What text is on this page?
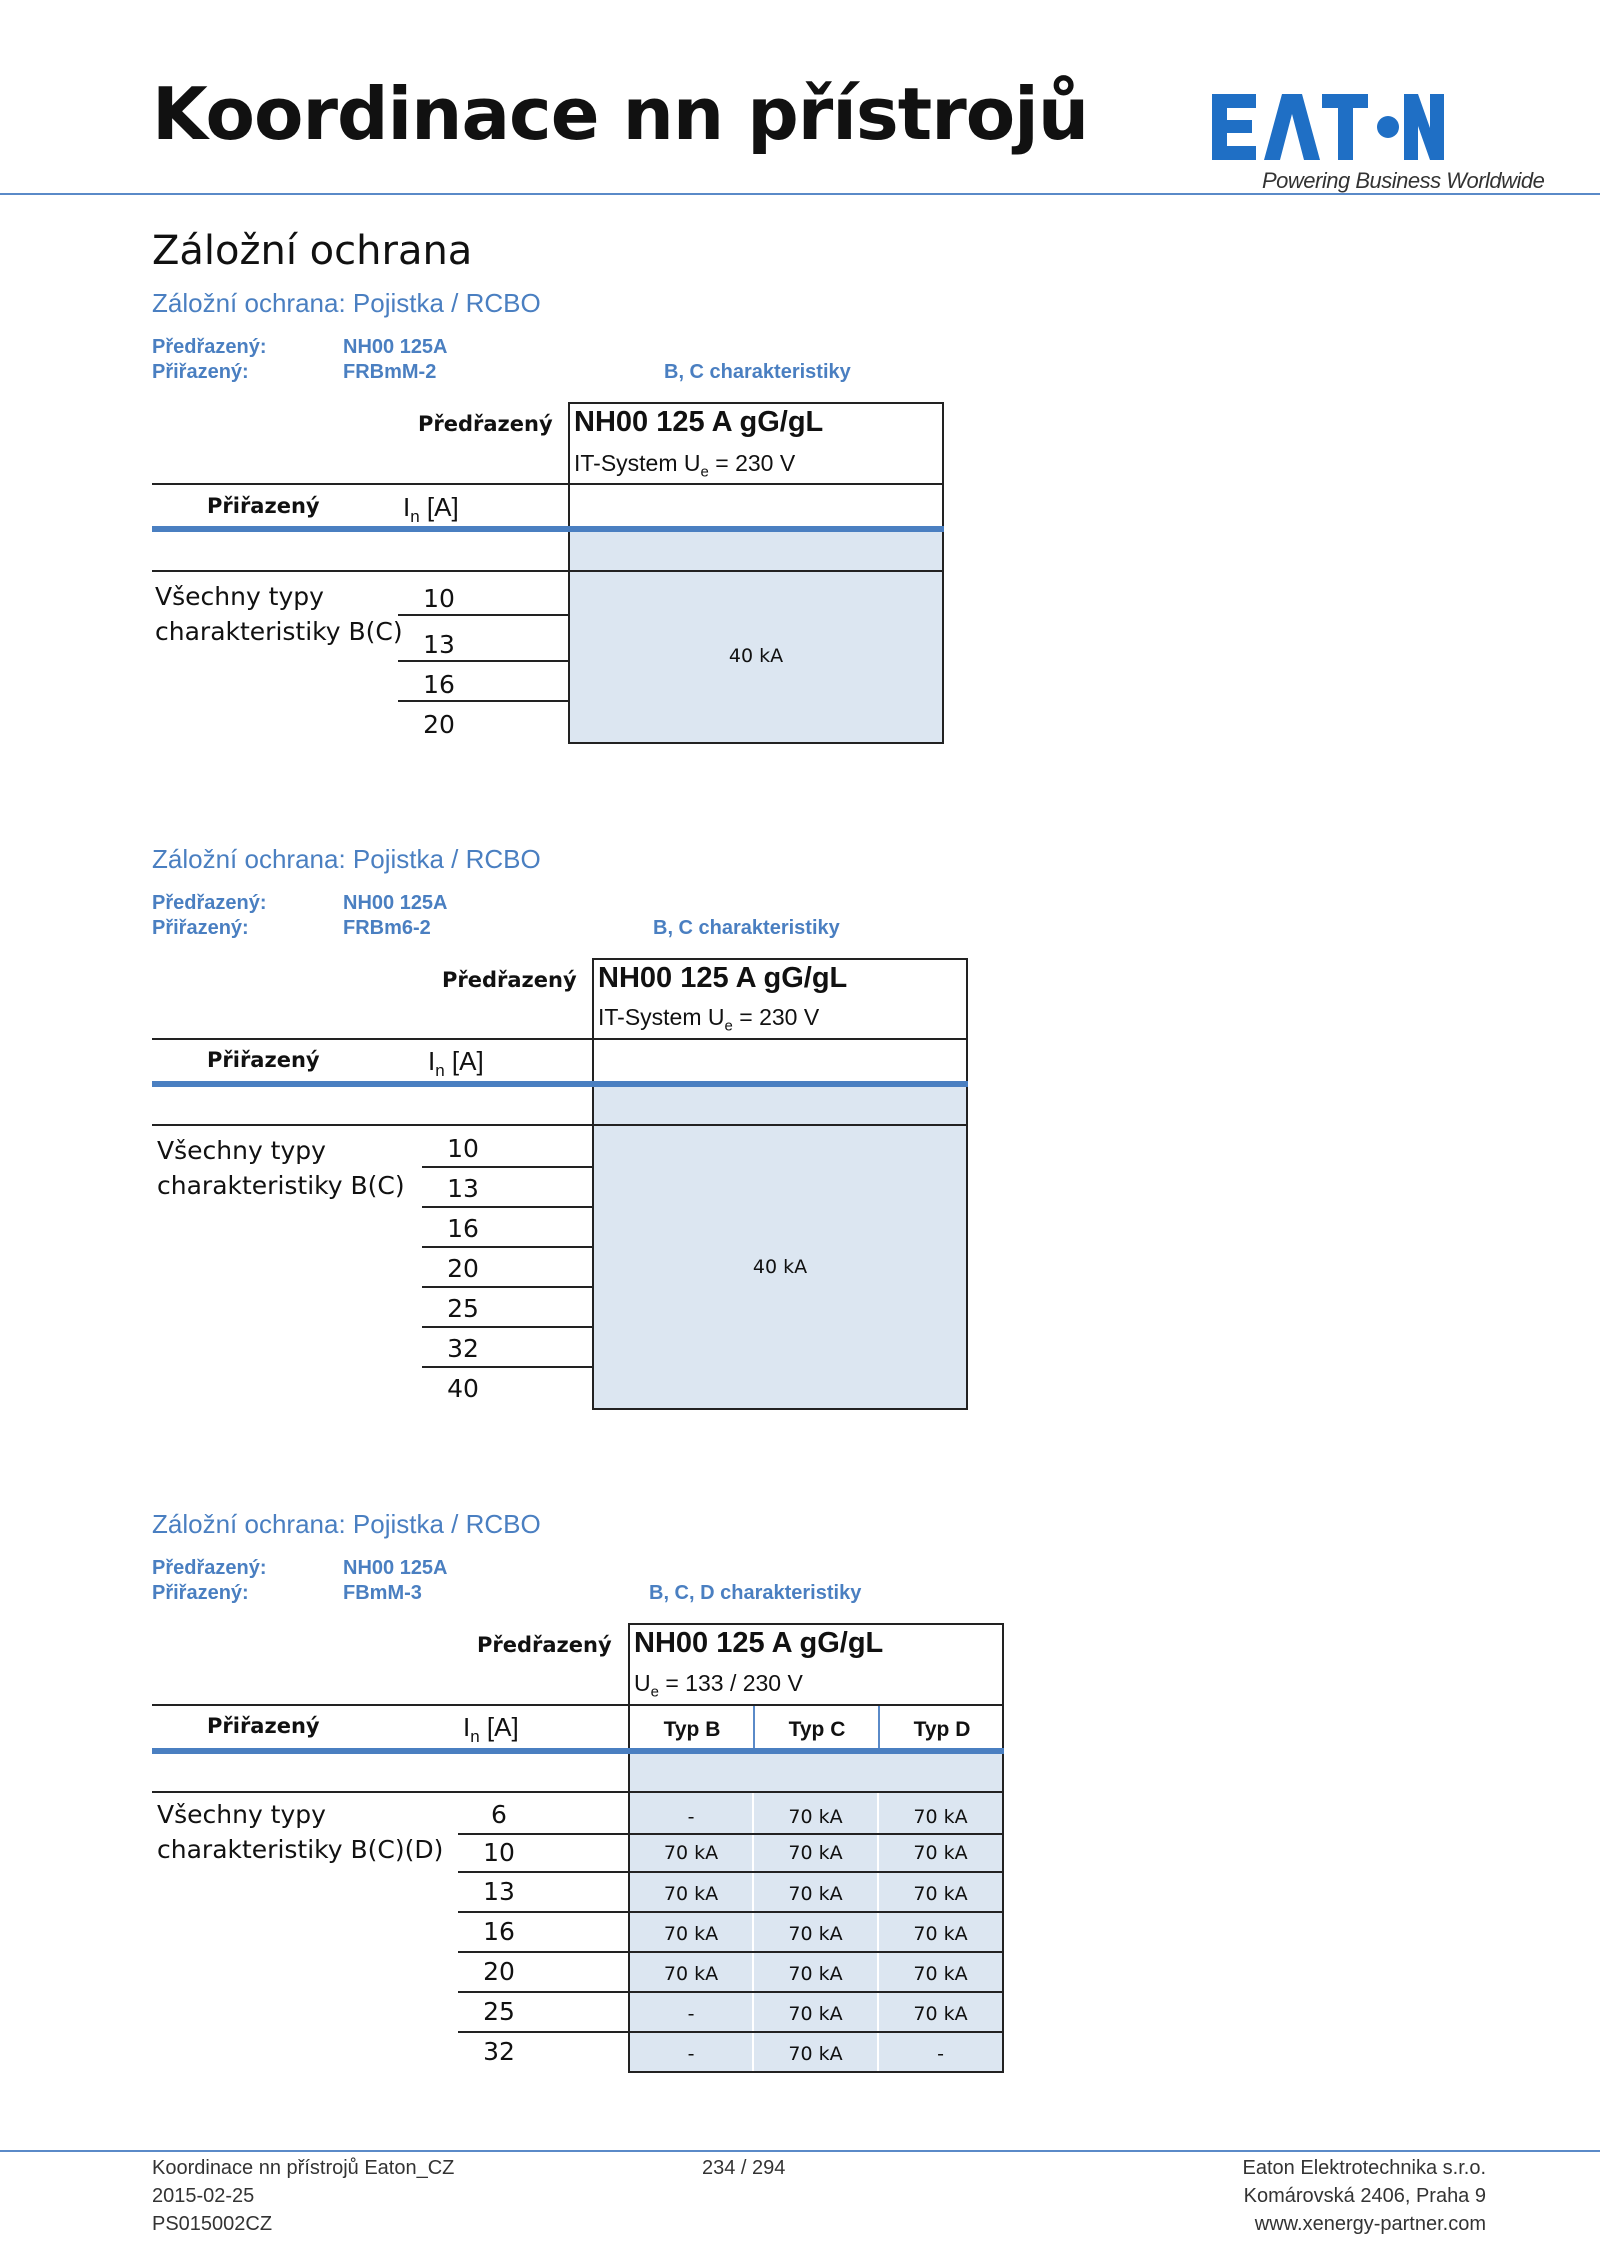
Koordinace nn přístrojů
Powering Business Worldwide
Záložní ochrana
Záložní ochrana: Pojistka / RCBO
Předřazený:	NH00 125A
Přiřazený:	FRBmM-2	B, C charakteristiky
Předřazený NH00 125 A gG/gL
IT-System $U_e = 230$ V
Přiřazený	$I_n$ [A]
Všechny typy
charakteristiky B(C)
10
13
16
20
40 kA
Záložní ochrana: Pojistka / RCBO
Předřazený:	NH00 125A
Přiřazený:	FRBm6-2	B, C charakteristiky
Předřazený NH00 125 A gG/gL
IT-System $U_e = 230$ V
Přiřazený	$I_n$ [A]
Všechny typy
charakteristiky B(C)
10
13
16
20
25
32
40
40 kA
Záložní ochrana: Pojistka / RCBO
Předřazený:	NH00 125A
Přiřazený:	FBmM-3	B, C, D charakteristiky
Předřazený NH00 125 A gG/gL
$U_e = 133 / 230$ V
Přiřazený	$I_n$ [A]	Typ B	Typ C	Typ D
Všechny typy
charakteristiky B(C)(D)
6	-	70 kA	70 kA
10	70 kA	70 kA	70 kA
13	70 kA	70 kA	70 kA
16	70 kA	70 kA	70 kA
20	70 kA	70 kA	70 kA
25	-	70 kA	70 kA
32	-	70 kA	-
Koordinace nn přístrojů Eaton_CZ
2015-02-25
PS015002CZ
234 / 294	Eaton Elektrotechnika s.r.o.
Komárovská 2406, Praha 9
www.xenergy-partner.com
